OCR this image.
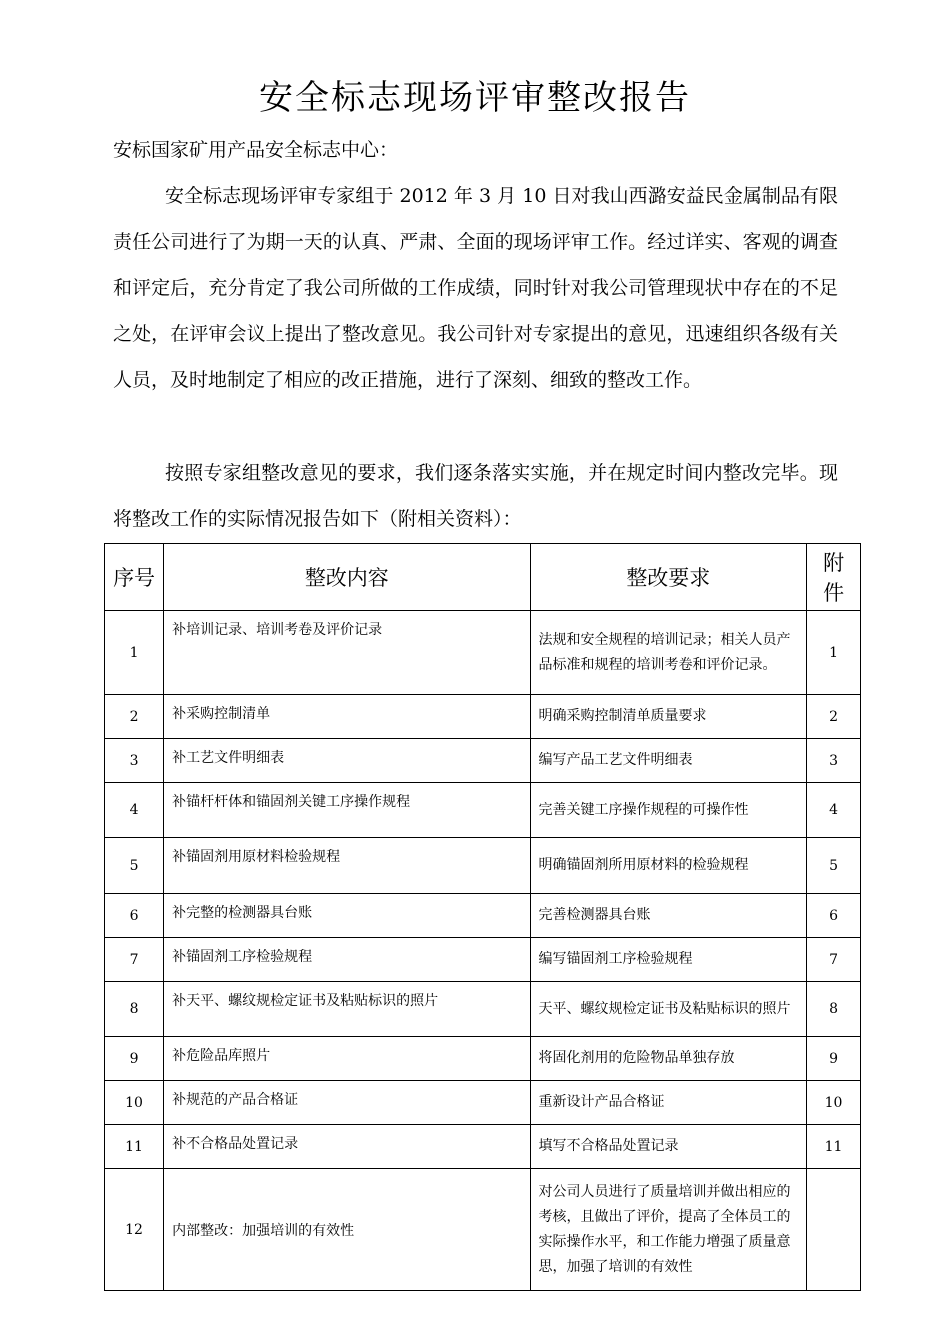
安全标志现场评审整改报告
安标国家矿用产品安全标志中心：

安全标志现场评审专家组于 2012 年 3 月 10 日对我山西潞安益民金属制品有限责任公司进行了为期一天的认真、严肃、全面的现场评审工作。经过详实、客观的调查和评定后，充分肯定了我公司所做的工作成绩，同时针对我公司管理现状中存在的不足之处，在评审会议上提出了整改意见。我公司针对专家提出的意见，迅速组织各级有关人员，及时地制定了相应的改正措施，进行了深刻、细致的整改工作。

按照专家组整改意见的要求，我们逐条落实实施，并在规定时间内整改完毕。现将整改工作的实际情况报告如下（附相关资料）：

序号	整改内容	整改要求	附件
1	补培训记录、培训考卷及评价记录	法规和安全规程的培训记录；相关人员产品标准和规程的培训考卷和评价记录。	1
2	补采购控制清单	明确采购控制清单质量要求	2
3	补工艺文件明细表	编写产品工艺文件明细表	3
4	补锚杆杆体和锚固剂关键工序操作规程	完善关键工序操作规程的可操作性	4
5	补锚固剂用原材料检验规程	明确锚固剂所用原材料的检验规程	5
6	补完整的检测器具台账	完善检测器具台账	6
7	补锚固剂工序检验规程	编写锚固剂工序检验规程	7
8	补天平、螺纹规检定证书及粘贴标识的照片	天平、螺纹规检定证书及粘贴标识的照片	8
9	补危险品库照片	将固化剂用的危险物品单独存放	9
10	补规范的产品合格证	重新设计产品合格证	10
11	补不合格品处置记录	填写不合格品处置记录	11
12	内部整改：加强培训的有效性	对公司人员进行了质量培训并做出相应的考核，且做出了评价，提高了全体员工的实际操作水平，和工作能力增强了质量意思，加强了培训的有效性	
